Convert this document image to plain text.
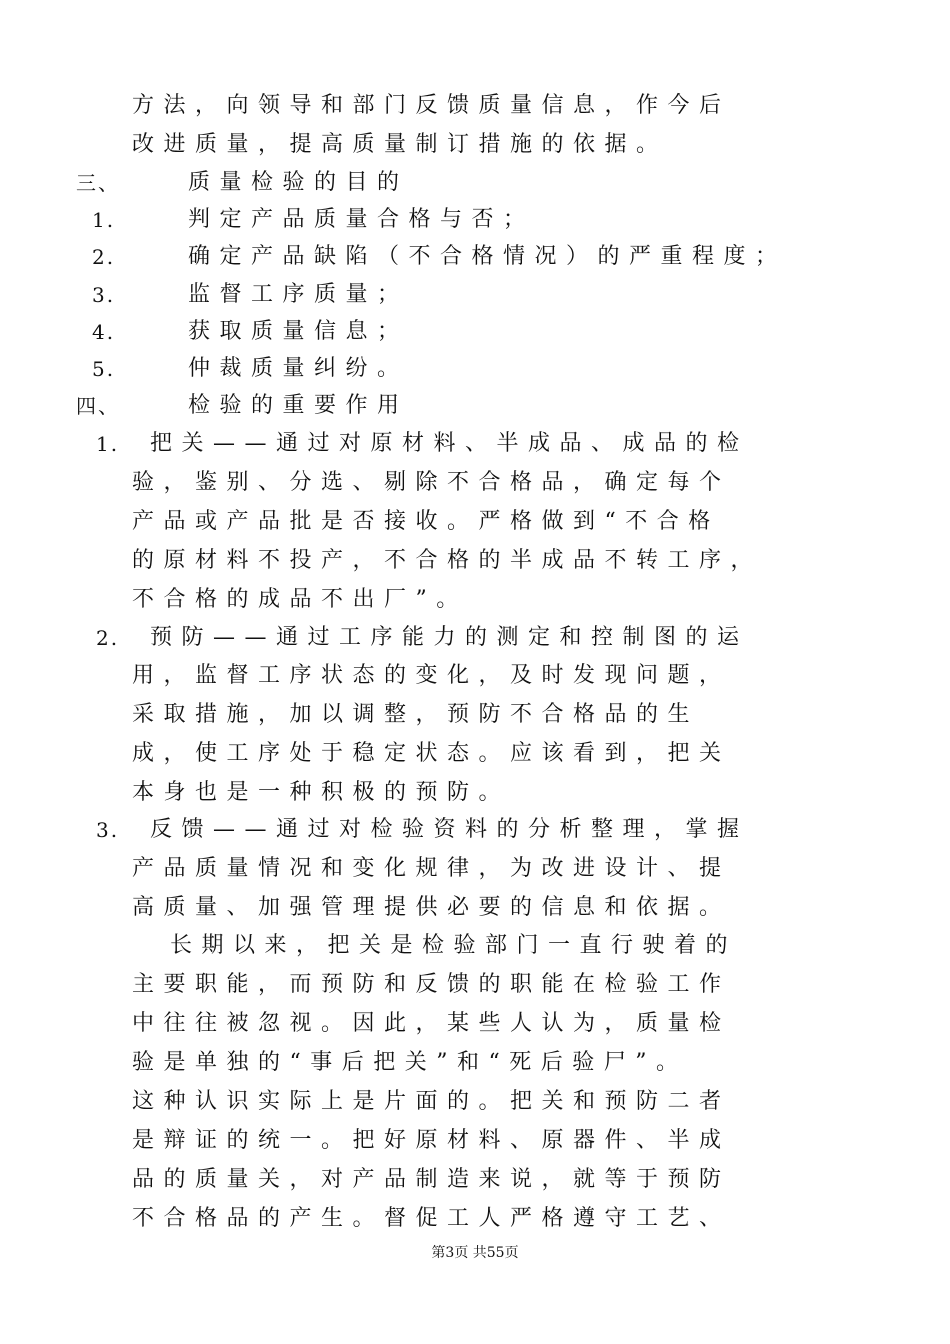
三、
方法，向领导和部门反馈质量信息，作今后
改进质量，提高质量制订措施的依据。
质量检验的目的
1.	判定产品质量合格与否；
2.	确定产品缺陷（不合格情况）的严重程度；
3.	监督工序质量；
4.	获取质量信息；
5.	仲裁质量纠纷。
四、	检验的重要作用
1. 把关——通过对原材料、半成品、成品的检
验，鉴别、分选、剔除不合格品，确定每个
产品或产品批是否接收。严格做到“不合格
的原材料不投产，不合格的半成品不转工序，
不合格的成品不出厂”。
2. 预防——通过工序能力的测定和控制图的运
用，监督工序状态的变化，及时发现问题，
采取措施，加以调整，预防不合格品的生
成，使工序处于稳定状态。应该看到，把关
本身也是一种积极的预防。
3. 反馈——通过对检验资料的分析整理，掌握
产品质量情况和变化规律，为改进设计、提
高质量、加强管理提供必要的信息和依据。
长期以来，把关是检验部门一直行驶着的
主要职能，而预防和反馈的职能在检验工作
中往往被忽视。因此，某些人认为，质量检
验是单独的“事后把关”和“死后验尸”。
这种认识实际上是片面的。把关和预防二者
是辩证的统一。把好原材料、原器件、半成
品的质量关，对产品制造来说，就等于预防
不合格品的产生。督促工人严格遵守工艺、
第3页 共55页
